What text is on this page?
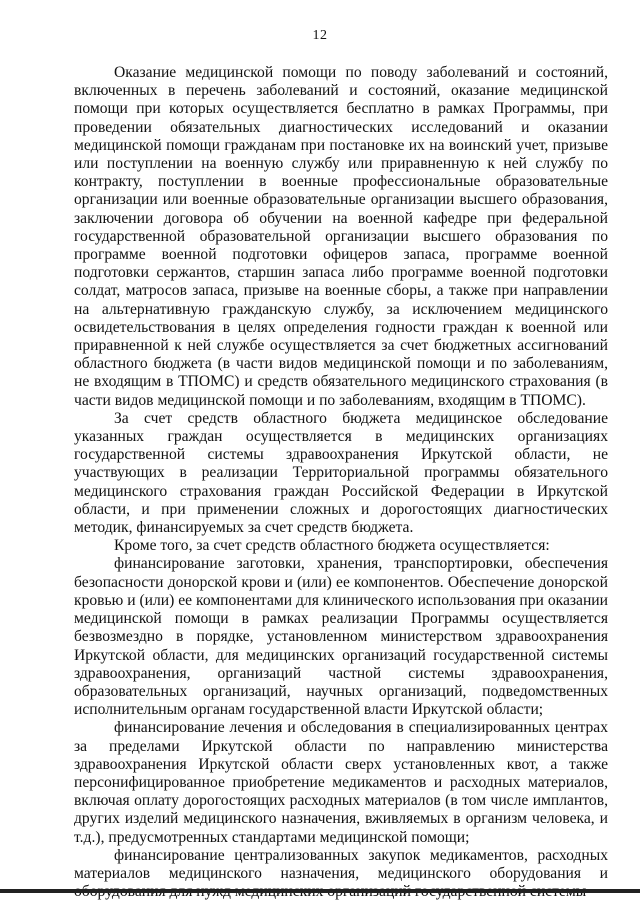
12

Оказание медицинской помощи по поводу заболеваний и состояний, включенных в перечень заболеваний и состояний, оказание медицинской помощи при которых осуществляется бесплатно в рамках Программы, при проведении обязательных диагностических исследований и оказании медицинской помощи гражданам при постановке их на воинский учет, призыве или поступлении на военную службу или приравненную к ней службу по контракту, поступлении в военные профессиональные образовательные организации или военные образовательные организации высшего образования, заключении договора об обучении на военной кафедре при федеральной государственной образовательной организации высшего образования по программе военной подготовки офицеров запаса, программе военной подготовки сержантов, старшин запаса либо программе военной подготовки солдат, матросов запаса, призыве на военные сборы, а также при направлении на альтернативную гражданскую службу, за исключением медицинского освидетельствования в целях определения годности граждан к военной или приравненной к ней службе осуществляется за счет бюджетных ассигнований областного бюджета (в части видов медицинской помощи и по заболеваниям, не входящим в ТПОМС) и средств обязательного медицинского страхования (в части видов медицинской помощи и по заболеваниям, входящим в ТПОМС).

За счет средств областного бюджета медицинское обследование указанных граждан осуществляется в медицинских организациях государственной системы здравоохранения Иркутской области, не участвующих в реализации Территориальной программы обязательного медицинского страхования граждан Российской Федерации в Иркутской области, и при применении сложных и дорогостоящих диагностических методик, финансируемых за счет средств бюджета.

Кроме того, за счет средств областного бюджета осуществляется:

финансирование заготовки, хранения, транспортировки, обеспечения безопасности донорской крови и (или) ее компонентов. Обеспечение донорской кровью и (или) ее компонентами для клинического использования при оказании медицинской помощи в рамках реализации Программы осуществляется безвозмездно в порядке, установленном министерством здравоохранения Иркутской области, для медицинских организаций государственной системы здравоохранения, организаций частной системы здравоохранения, образовательных организаций, научных организаций, подведомственных исполнительным органам государственной власти Иркутской области;

финансирование лечения и обследования в специализированных центрах за пределами Иркутской области по направлению министерства здравоохранения Иркутской области сверх установленных квот, а также персонифицированное приобретение медикаментов и расходных материалов, включая оплату дорогостоящих расходных материалов (в том числе имплантов, других изделий медицинского назначения, вживляемых в организм человека, и т.д.), предусмотренных стандартами медицинской помощи;

финансирование централизованных закупок медикаментов, расходных материалов медицинского назначения, медицинского оборудования и
